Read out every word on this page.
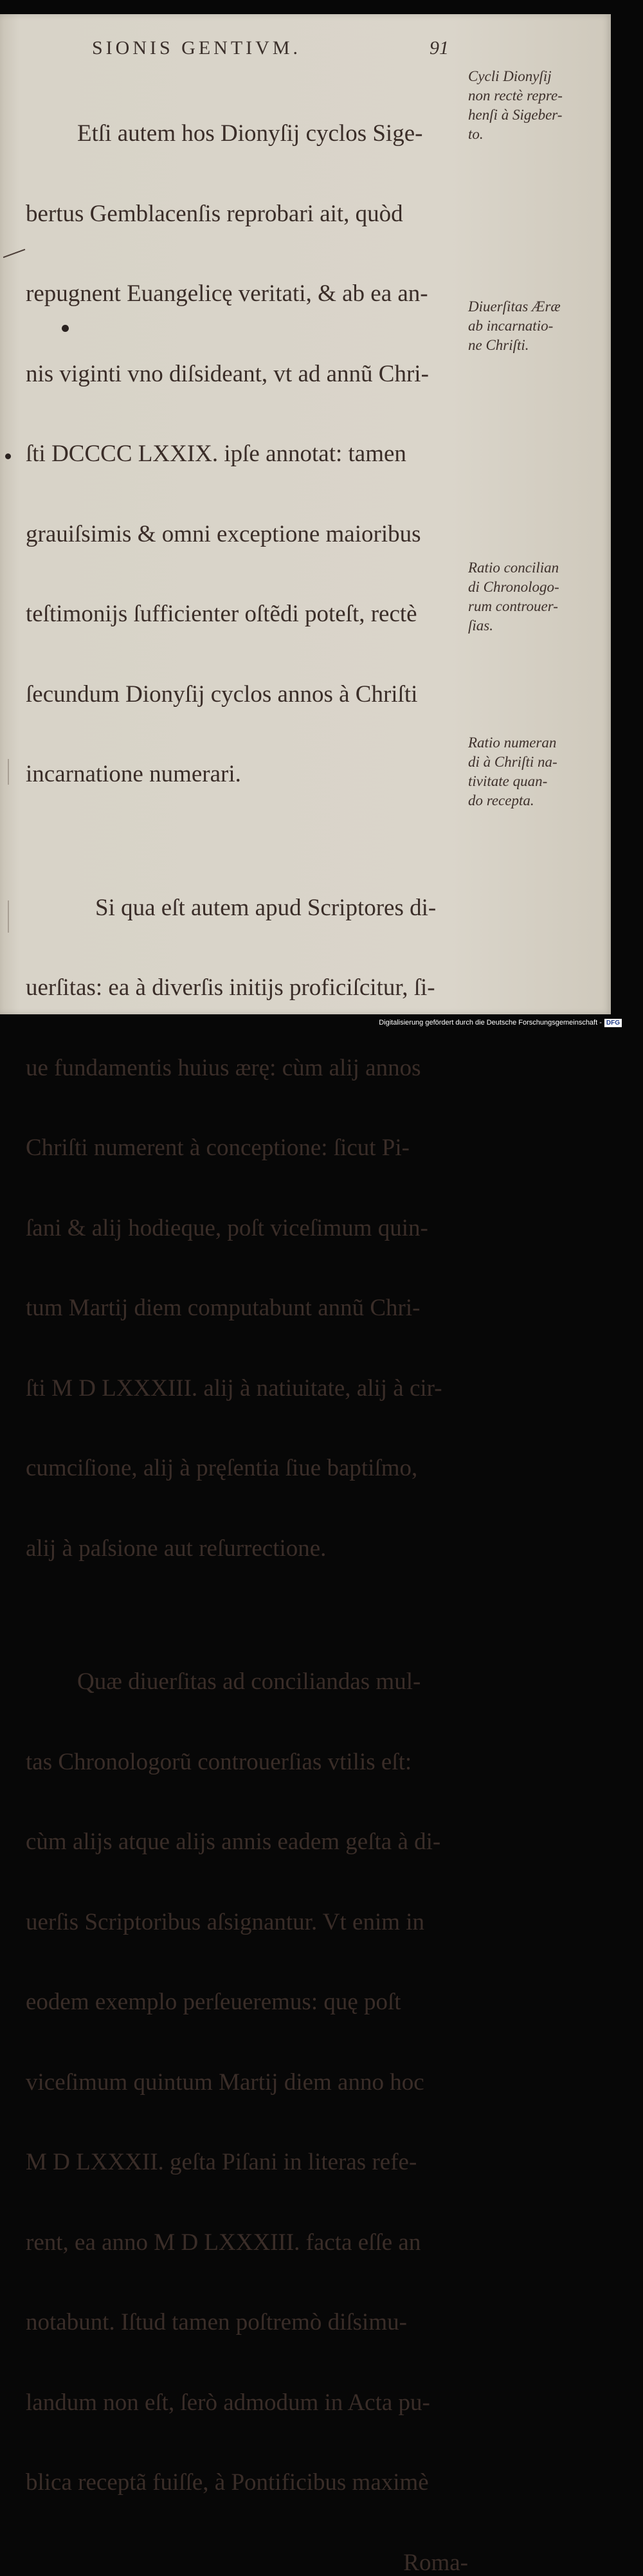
SIONIS GENTIVM.	91

Etſi autem hos Dionyſij cyclos Sige-

bertus Gemblacenſis reprobari ait, quòd

repugnent Euangelicę veritati, & ab ea an-

nis viginti vno diſsideant, vt ad annũ Chri-

ſti DCCCC LXXIX. ipſe annotat: tamen

grauiſsimis & omni exceptione maioribus

teſtimonijs ſufficienter oſtẽdi poteſt, rectè

ſecundum Dionyſij cyclos annos à Chriſti

incarnatione numerari.

Si qua eſt autem apud Scriptores di-

uerſitas: ea à diverſis initijs proficiſcitur, ſi-

ue fundamentis huius ærę: cùm alij annos

Chriſti numerent à conceptione: ſicut Pi-

ſani & alij hodieque, poſt viceſimum quin-

tum Martij diem computabunt annũ Chri-

ſti M D LXXXIII. alij à natiuitate, alij à cir-

cumciſione, alij à pręſentia ſiue baptiſmo,

alij à paſsione aut reſurrectione.

Quæ diuerſitas ad conciliandas mul-

tas Chronologorũ controuerſias vtilis eſt:

cùm alijs atque alijs annis eadem geſta à di-

uerſis Scriptoribus aſsignantur. Vt enim in

eodem exemplo perſeueremus: quę poſt

viceſimum quintum Martij diem anno hoc

M D LXXXII. geſta Piſani in literas refe-

rent, ea anno M D LXXXIII. facta eſſe an

notabunt. Iſtud tamen poſtremò diſsimu-

landum non eſt, ſerò admodum in Acta pu-

blica receptã fuiſſe, à Pontificibus maximè

Roma-
Cycli Dionyſij
non rectè repre-
henſi à Sigeber-
to.
Diuerſitas Æræ
ab incarnatio-
ne Chriſti.
Ratio concilian
di Chronologo-
rum controuer-
ſias.
Ratio numeran
di à Chriſti na-
tivitate quan-
do recepta.
Digitalisierung gefördert durch die Deutsche Forschungsgemeinschaft - DFG
